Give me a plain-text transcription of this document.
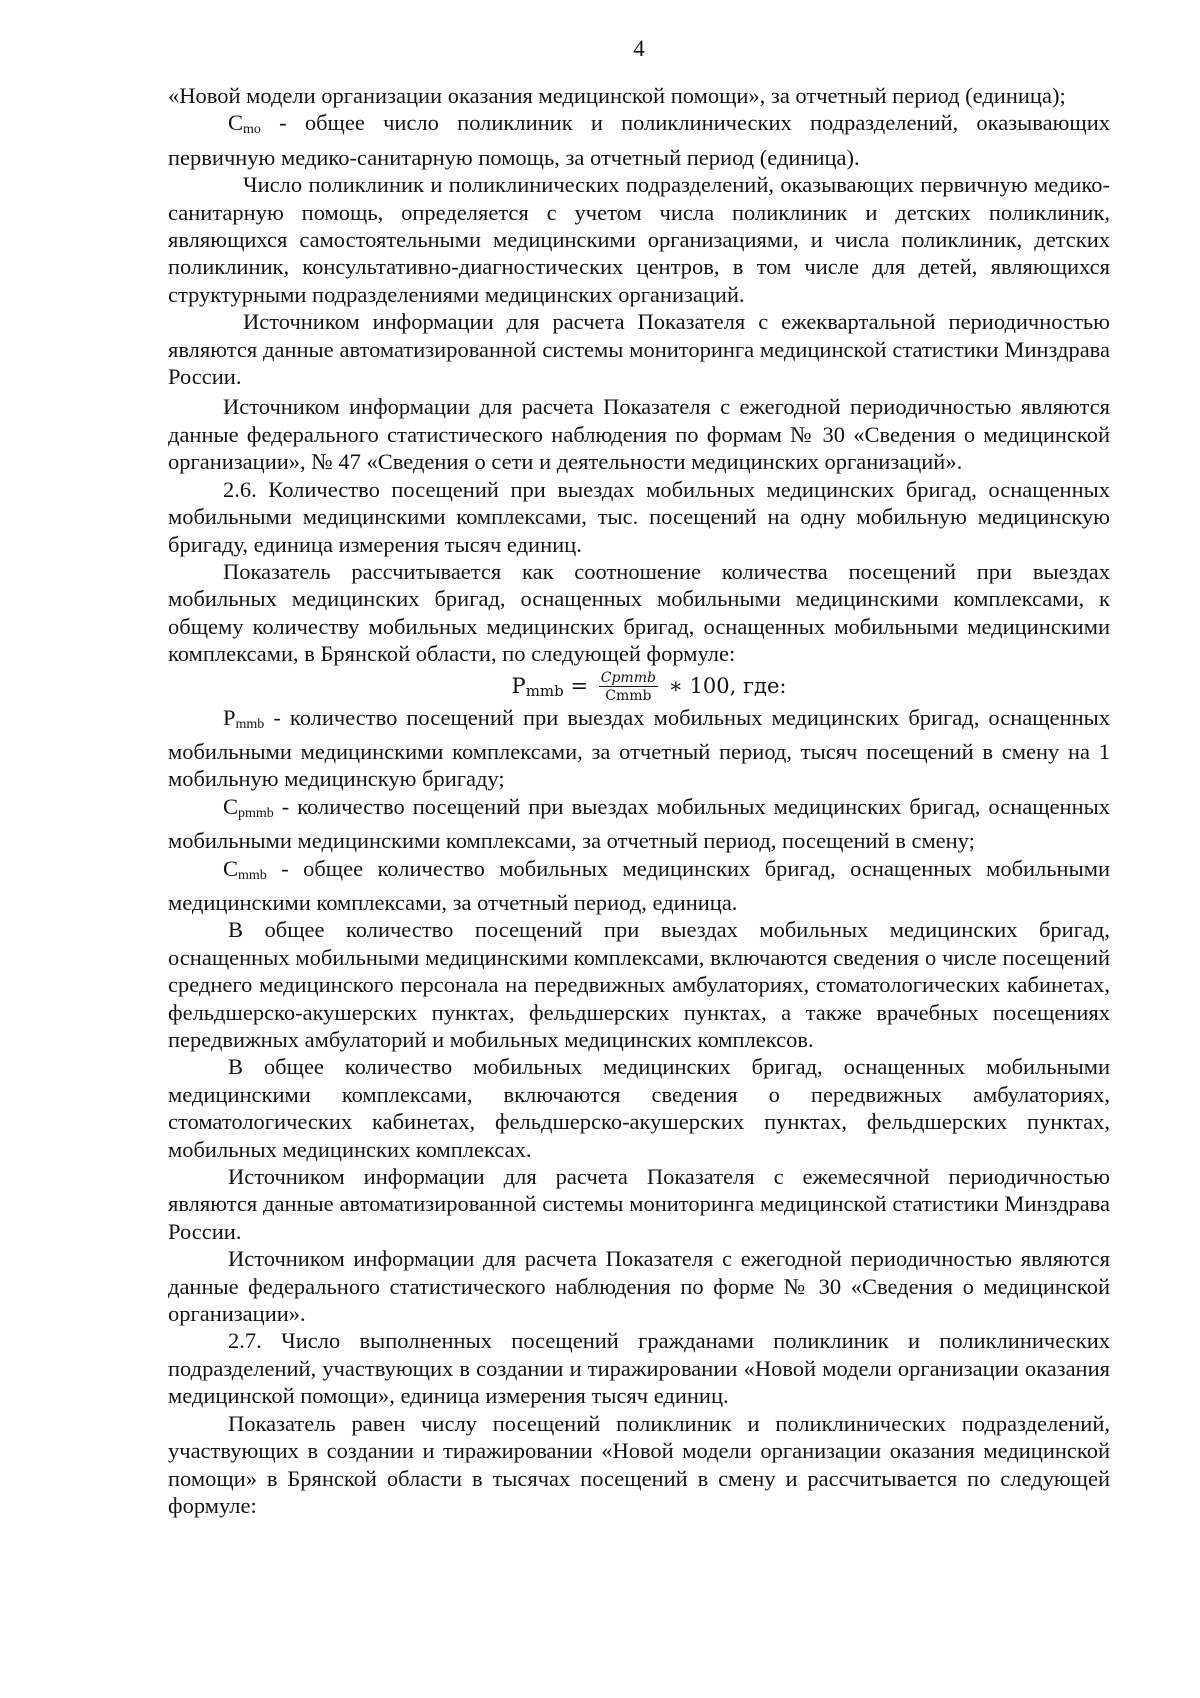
4

«Новой модели организации оказания медицинской помощи», за отчетный период (единица);

$C_{mo}$ - общее число поликлиник и поликлинических подразделений, оказывающих первичную медико-санитарную помощь, за отчетный период (единица).

Число поликлиник и поликлинических подразделений, оказывающих первичную медико-санитарную помощь, определяется с учетом числа поликлиник и детских поликлиник, являющихся самостоятельными медицинскими организациями, и числа поликлиник, детских поликлиник, консультативно-диагностических центров, в том числе для детей, являющихся структурными подразделениями медицинских организаций.

Источником информации для расчета Показателя с ежеквартальной периодичностью являются данные автоматизированной системы мониторинга медицинской статистики Минздрава России.

Источником информации для расчета Показателя с ежегодной периодичностью являются данные федерального статистического наблюдения по формам № 30 «Сведения о медицинской организации», № 47 «Сведения о сети и деятельности медицинских организаций».

2.6. Количество посещений при выездах мобильных медицинских бригад, оснащенных мобильными медицинскими комплексами, тыс. посещений на одну мобильную медицинскую бригаду, единица измерения тысяч единиц.

Показатель рассчитывается как соотношение количества посещений при выездах мобильных медицинских бригад, оснащенных мобильными медицинскими комплексами, к общему количеству мобильных медицинских бригад, оснащенных мобильными медицинскими комплексами, в Брянской области, по следующей формуле:

$P_{mmb} = \frac{\text{Cpmmb}}{\text{Cmmb}}$ ∗ 100, где:

$P_{mmb}$ - количество посещений при выездах мобильных медицинских бригад, оснащенных мобильными медицинскими комплексами, за отчетный период, тысяч посещений в смену на 1 мобильную медицинскую бригаду;

$C_{pmmb}$ - количество посещений при выездах мобильных медицинских бригад, оснащенных мобильными медицинскими комплексами, за отчетный период, посещений в смену;

$C_{mmb}$ - общее количество мобильных медицинских бригад, оснащенных мобильными медицинскими комплексами, за отчетный период, единица.

В общее количество посещений при выездах мобильных медицинских бригад, оснащенных мобильными медицинскими комплексами, включаются сведения о числе посещений среднего медицинского персонала на передвижных амбулаториях, стоматологических кабинетах, фельдшерско-акушерских пунктах, фельдшерских пунктах, а также врачебных посещениях передвижных амбулаторий и мобильных медицинских комплексов.

В общее количество мобильных медицинских бригад, оснащенных мобильными медицинскими комплексами, включаются сведения о передвижных амбулаториях, стоматологических кабинетах, фельдшерско-акушерских пунктах, фельдшерских пунктах, мобильных медицинских комплексах.

Источником информации для расчета Показателя с ежемесячной периодичностью являются данные автоматизированной системы мониторинга медицинской статистики Минздрава России.

Источником информации для расчета Показателя с ежегодной периодичностью являются данные федерального статистического наблюдения по форме № 30 «Сведения о медицинской организации».

2.7. Число выполненных посещений гражданами поликлиник и поликлинических подразделений, участвующих в создании и тиражировании «Новой модели организации оказания медицинской помощи», единица измерения тысяч единиц.

Показатель равен числу посещений поликлиник и поликлинических подразделений, участвующих в создании и тиражировании «Новой модели организации оказания медицинской помощи» в Брянской области в тысячах посещений в смену и рассчитывается по следующей формуле:
